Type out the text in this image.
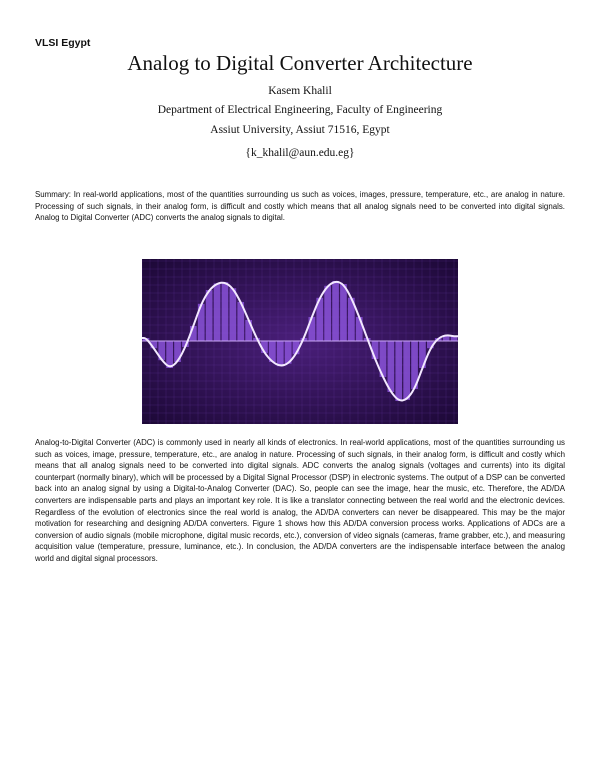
VLSI Egypt
Analog to Digital Converter Architecture
Kasem Khalil
Department of Electrical Engineering, Faculty of Engineering
Assiut University, Assiut 71516, Egypt
{k_khalil@aun.edu.eg}

Summary: In real-world applications, most of the quantities surrounding us such as voices, images, pressure, temperature, etc., are analog in nature. Processing of such signals, in their analog form, is difficult and costly which means that all analog signals need to be converted into digital signals. Analog to Digital Converter (ADC) converts the analog signals to digital.

Analog-to-Digital Converter (ADC) is commonly used in nearly all kinds of electronics. In real-world applications, most of the quantities surrounding us such as voices, image, pressure, temperature, etc., are analog in nature. Processing of such signals, in their analog form, is difficult and costly which means that all analog signals need to be converted into digital signals. ADC converts the analog signals (voltages and currents) into its digital counterpart (normally binary), which will be processed by a Digital Signal Processor (DSP) in electronic systems. The output of a DSP can be converted back into an analog signal by using a Digital-to-Analog Converter (DAC). So, people can see the image, hear the music, etc. Therefore, the AD/DA converters are indispensable parts and plays an important key role. It is like a translator connecting between the real world and the electronic devices. Regardless of the evolution of electronics since the real world is analog, the AD/DA converters can never be disappeared. This may be the major motivation for researching and designing AD/DA converters. Figure 1 shows how this AD/DA conversion process works. Applications of ADCs are a conversion of audio signals (mobile microphone, digital music records, etc.), conversion of video signals (cameras, frame grabber, etc.), and measuring acquisition value (temperature, pressure, luminance, etc.). In conclusion, the AD/DA converters are the indispensable interface between the analog world and digital signal processors.
